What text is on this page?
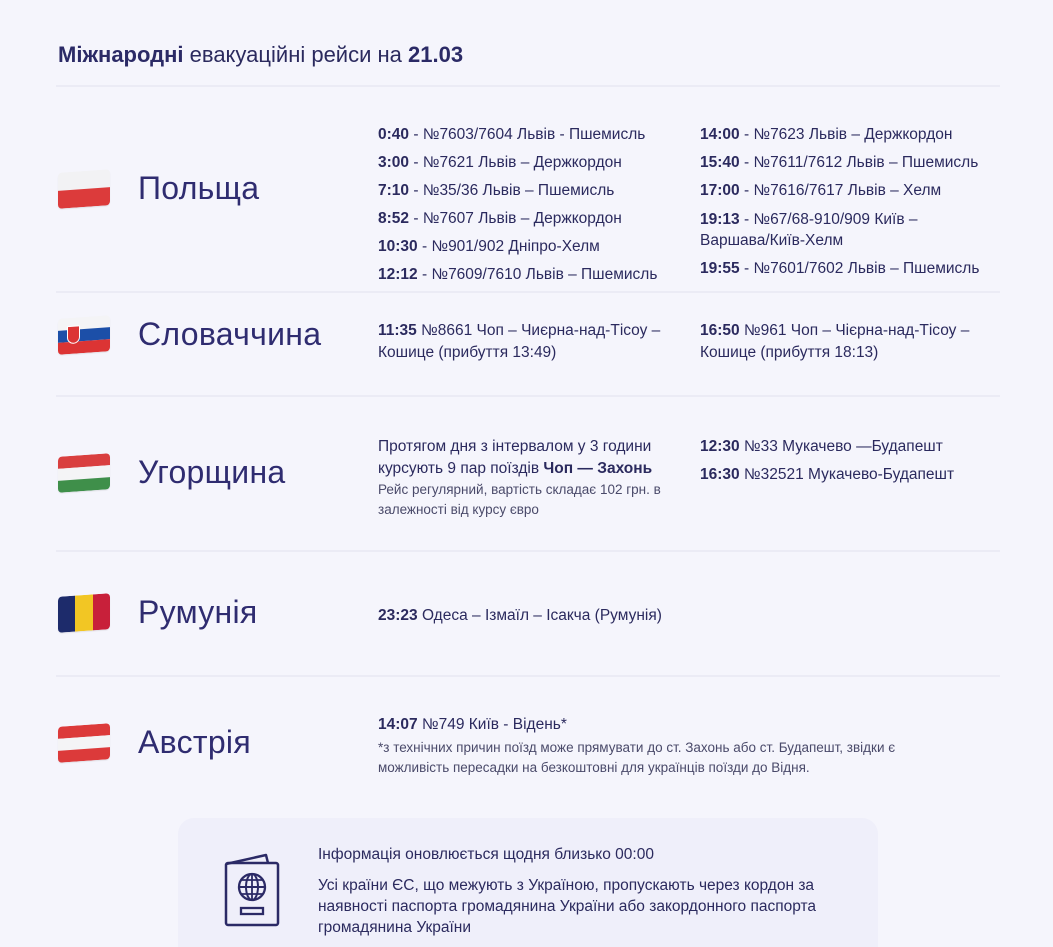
Міжнародні евакуаційні рейси на 21.03
Польща
0:40 - №7603/7604 Львів - Пшемисль
3:00 - №7621 Львів – Держкордон
7:10 - №35/36 Львів – Пшемисль
8:52 - №7607 Львів – Держкордон
10:30 - №901/902 Дніпро-Хелм
12:12 - №7609/7610 Львів – Пшемисль
14:00 - №7623 Львів – Держкордон
15:40 - №7611/7612 Львів – Пшемисль
17:00 - №7616/7617 Львів – Хелм
19:13 - №67/68-910/909 Київ – Варшава/Київ-Хелм
19:55 - №7601/7602 Львів – Пшемисль
Словаччина	11:35 №8661 Чоп – Чиєрна-над-Тісоу – Кошице (прибуття 13:49)
16:50 №961 Чоп – Чієрна-над-Тісоу – Кошице (прибуття 18:13)
Угорщина
Протягом дня з інтервалом у 3 години курсують 9 пар поїздів Чоп — Захонь
Рейс регулярний, вартість складає 102 грн. в залежності від курсу євро
12:30 №33 Мукачево —Будапешт
16:30 №32521 Мукачево-Будапешт
Румунія	23:23 Одеса – Ізмаїл – Ісакча (Румунія)
Австрія	14:07 №749 Київ - Відень*
*з технічних причин поїзд може прямувати до ст. Захонь або ст. Будапешт, звідки є можливість пересадки на безкоштовні для українців поїзди до Відня.
Інформація оновлюється щодня близько 00:00
Усі країни ЄС, що межують з Україною, пропускають через кордон за наявності паспорта громадянина України або закордонного паспорта громадянина України
